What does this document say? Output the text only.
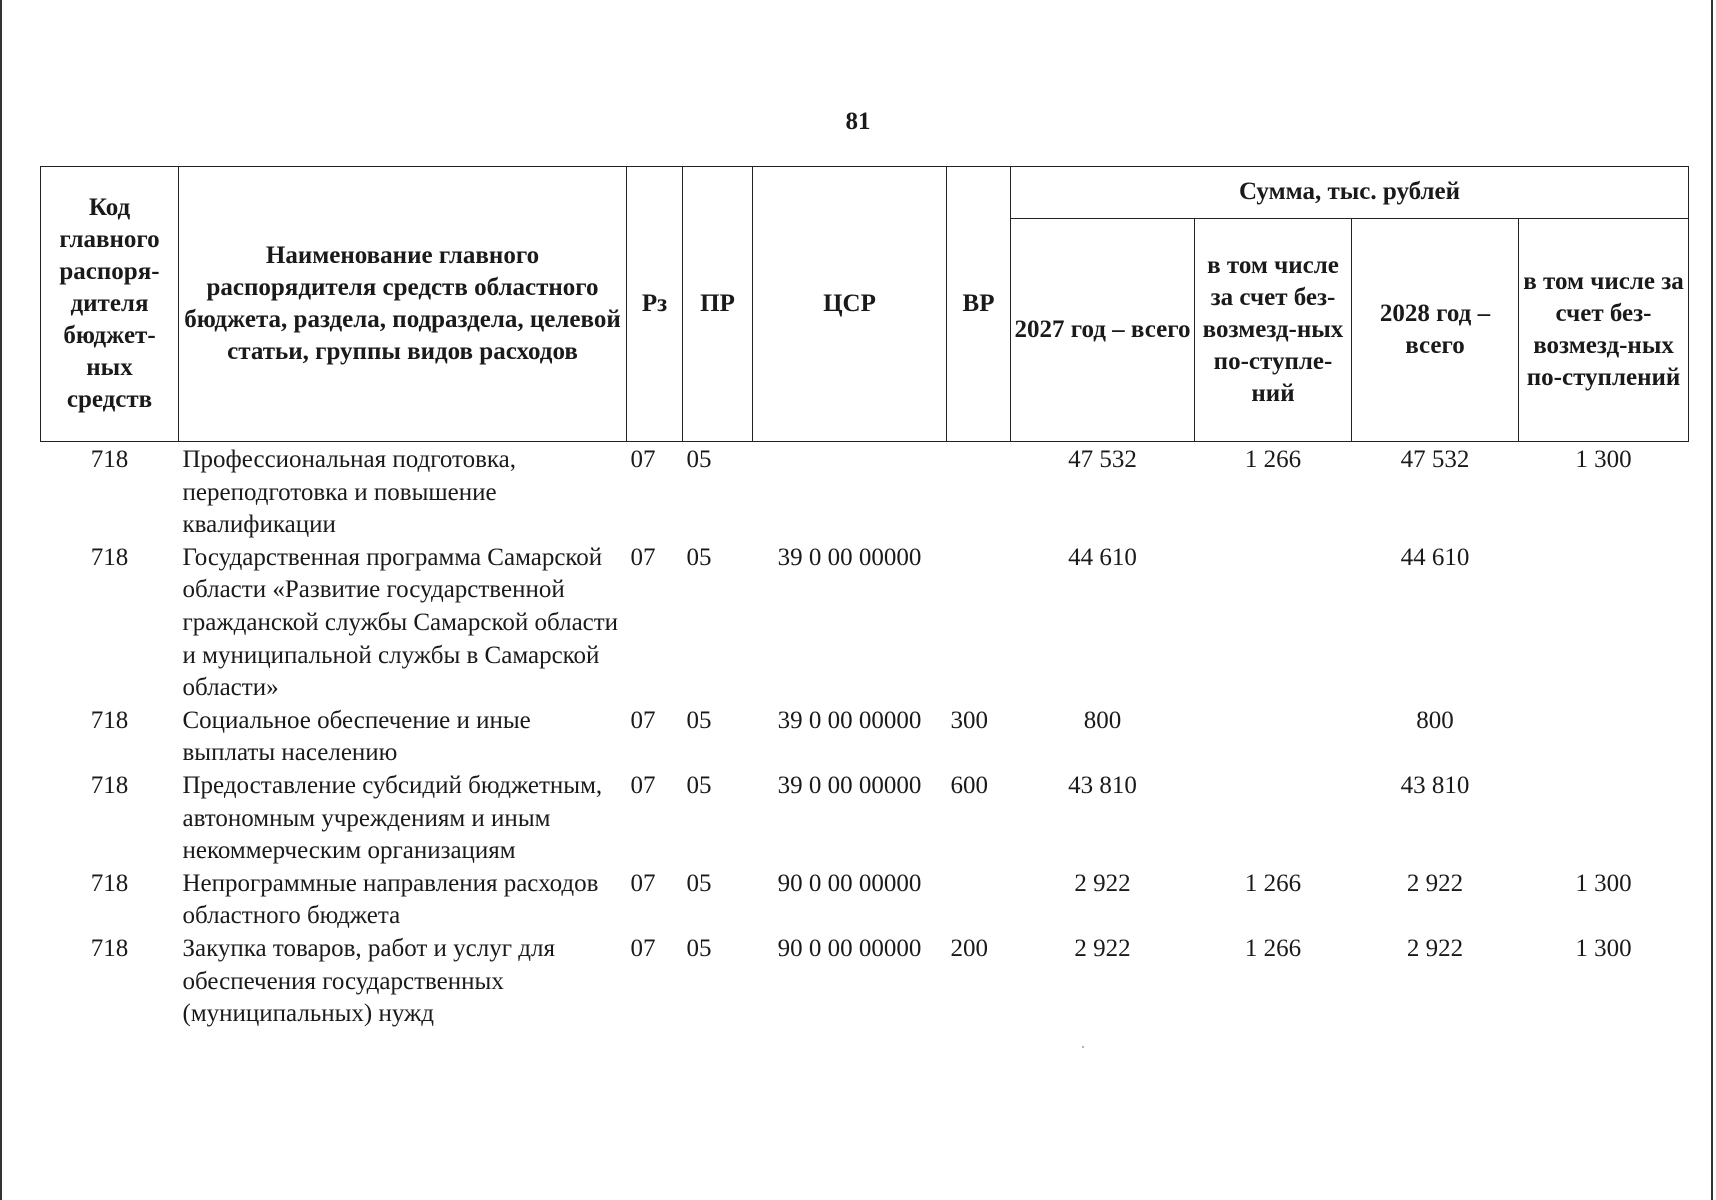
81
Код главного распоря-дителя бюджет-ных средств	Наименование главного распорядителя средств областного бюджета, раздела, подраздела, целевой статьи, группы видов расходов	Рз	ПР	ЦСР	ВР	Сумма, тыс. рублей			
						2027 год – всего	в том числе за счет без-возмезд-ных по-ступле-ний	2028 год – всего	в том числе за счет без-возмезд-ных по-ступлений
718	Профессиональная подготовка, переподготовка и повышение квалификации	07	05			47 532	1 266	47 532	1 300
718	Государственная программа Самарской области «Развитие государственной гражданской службы Самарской области и муниципальной службы в Самарской области»	07	05	39 0 00 00000		44 610		44 610	
718	Социальное обеспечение и иные выплаты населению	07	05	39 0 00 00000	300	800		800	
718	Предоставление субсидий бюджетным, автономным учреждениям и иным некоммерческим организациям	07	05	39 0 00 00000	600	43 810		43 810	
718	Непрограммные направления расходов областного бюджета	07	05	90 0 00 00000		2 922	1 266	2 922	1 300
718	Закупка товаров, работ и услуг для обеспечения государственных (муниципальных) нужд	07	05	90 0 00 00000	200	2 922	1 266	2 922	1 300
